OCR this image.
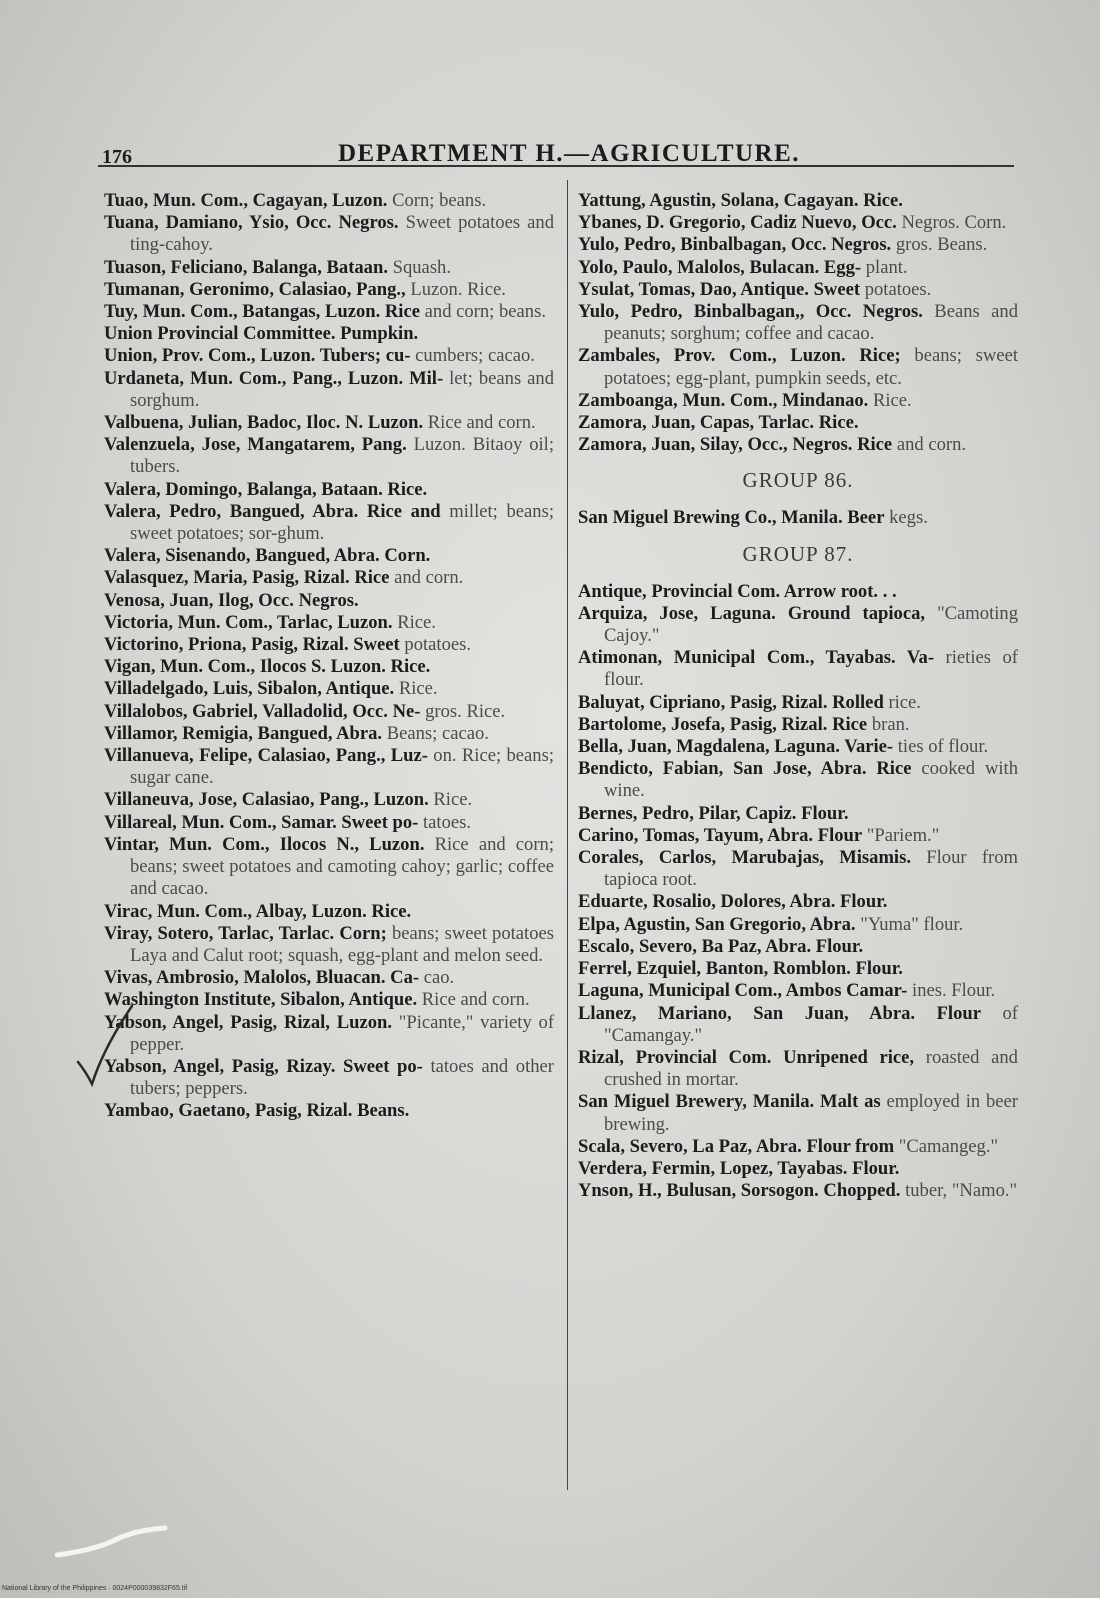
176	DEPARTMENT H.—AGRICULTURE.
Tuao, Mun. Com., Cagayan, Luzon. Corn; beans.
Tuana, Damiano, Ysio, Occ. Negros. Sweet potatoes and ting-cahoy.
Tuason, Feliciano, Balanga, Bataan. Squash.
Tumanan, Geronimo, Calasiao, Pang., Luzon. Rice.
Tuy, Mun. Com., Batangas, Luzon. Rice and corn; beans.
Union Provincial Committee. Pumpkin.
Union, Prov. Com., Luzon. Tubers; cu- cumbers; cacao.
Urdaneta, Mun. Com., Pang., Luzon. Mil- let; beans and sorghum.
Valbuena, Julian, Badoc, Iloc. N. Luzon. Rice and corn.
Valenzuela, Jose, Mangatarem, Pang. Luzon. Bitaoy oil; tubers.
Valera, Domingo, Balanga, Bataan. Rice.
Valera, Pedro, Bangued, Abra. Rice and millet; beans; sweet potatoes; sor-ghum.
Valera, Sisenando, Bangued, Abra. Corn.
Valasquez, Maria, Pasig, Rizal. Rice and corn.
Venosa, Juan, Ilog, Occ. Negros.
Victoria, Mun. Com., Tarlac, Luzon. Rice.
Victorino, Priona, Pasig, Rizal. Sweet potatoes.
Vigan, Mun. Com., Ilocos S. Luzon. Rice.
Villadelgado, Luis, Sibalon, Antique. Rice.
Villalobos, Gabriel, Valladolid, Occ. Ne- gros. Rice.
Villamor, Remigia, Bangued, Abra. Beans; cacao.
Villanueva, Felipe, Calasiao, Pang., Luz- on. Rice; beans; sugar cane.
Villaneuva, Jose, Calasiao, Pang., Luzon. Rice.
Villareal, Mun. Com., Samar. Sweet po- tatoes.
Vintar, Mun. Com., Ilocos N., Luzon. Rice and corn; beans; sweet potatoes and camoting cahoy; garlic; coffee and cacao.
Virac, Mun. Com., Albay, Luzon. Rice.
Viray, Sotero, Tarlac, Tarlac. Corn; beans; sweet potatoes Laya and Calut root; squash, egg-plant and melon seed.
Vivas, Ambrosio, Malolos, Bluacan. Ca- cao.
Washington Institute, Sibalon, Antique. Rice and corn.
Yabson, Angel, Pasig, Rizal, Luzon. "Picante," variety of pepper.
Yabson, Angel, Pasig, Rizay. Sweet po- tatoes and other tubers; peppers.
Yambao, Gaetano, Pasig, Rizal. Beans.
Yattung, Agustin, Solana, Cagayan. Rice.
Ybanes, D. Gregorio, Cadiz Nuevo, Occ. Negros. Corn.
Yulo, Pedro, Binbalbagan, Occ. Negros. gros. Beans.
Yolo, Paulo, Malolos, Bulacan. Egg- plant.
Ysulat, Tomas, Dao, Antique. Sweet potatoes.
Yulo, Pedro, Binbalbagan,, Occ. Negros. Beans and peanuts; sorghum; coffee and cacao.
Zambales, Prov. Com., Luzon. Rice; beans; sweet potatoes; egg-plant, pumpkin seeds, etc.
Zamboanga, Mun. Com., Mindanao. Rice.
Zamora, Juan, Capas, Tarlac. Rice.
Zamora, Juan, Silay, Occ., Negros. Rice and corn.
GROUP 86.
San Miguel Brewing Co., Manila. Beer kegs.
GROUP 87.
Antique, Provincial Com. Arrow root. . .
Arquiza, Jose, Laguna. Ground tapioca, "Camoting Cajoy."
Atimonan, Municipal Com., Tayabas. Va- rieties of flour.
Baluyat, Cipriano, Pasig, Rizal. Rolled rice.
Bartolome, Josefa, Pasig, Rizal. Rice bran.
Bella, Juan, Magdalena, Laguna. Varie- ties of flour.
Bendicto, Fabian, San Jose, Abra. Rice cooked with wine.
Bernes, Pedro, Pilar, Capiz. Flour.
Carino, Tomas, Tayum, Abra. Flour "Pariem."
Corales, Carlos, Marubajas, Misamis. Flour from tapioca root.
Eduarte, Rosalio, Dolores, Abra. Flour.
Elpa, Agustin, San Gregorio, Abra. "Yuma" flour.
Escalo, Severo, Ba Paz, Abra. Flour.
Ferrel, Ezquiel, Banton, Romblon. Flour.
Laguna, Municipal Com., Ambos Camar- ines. Flour.
Llanez, Mariano, San Juan, Abra. Flour of "Camangay."
Rizal, Provincial Com. Unripened rice, roasted and crushed in mortar.
San Miguel Brewery, Manila. Malt as employed in beer brewing.
Scala, Severo, La Paz, Abra. Flour from "Camangeg."
Verdera, Fermin, Lopez, Tayabas. Flour.
Ynson, H., Bulusan, Sorsogon. Chopped. tuber, "Namo."
National Library of the Philippines · 0024P000039832F65.tif
